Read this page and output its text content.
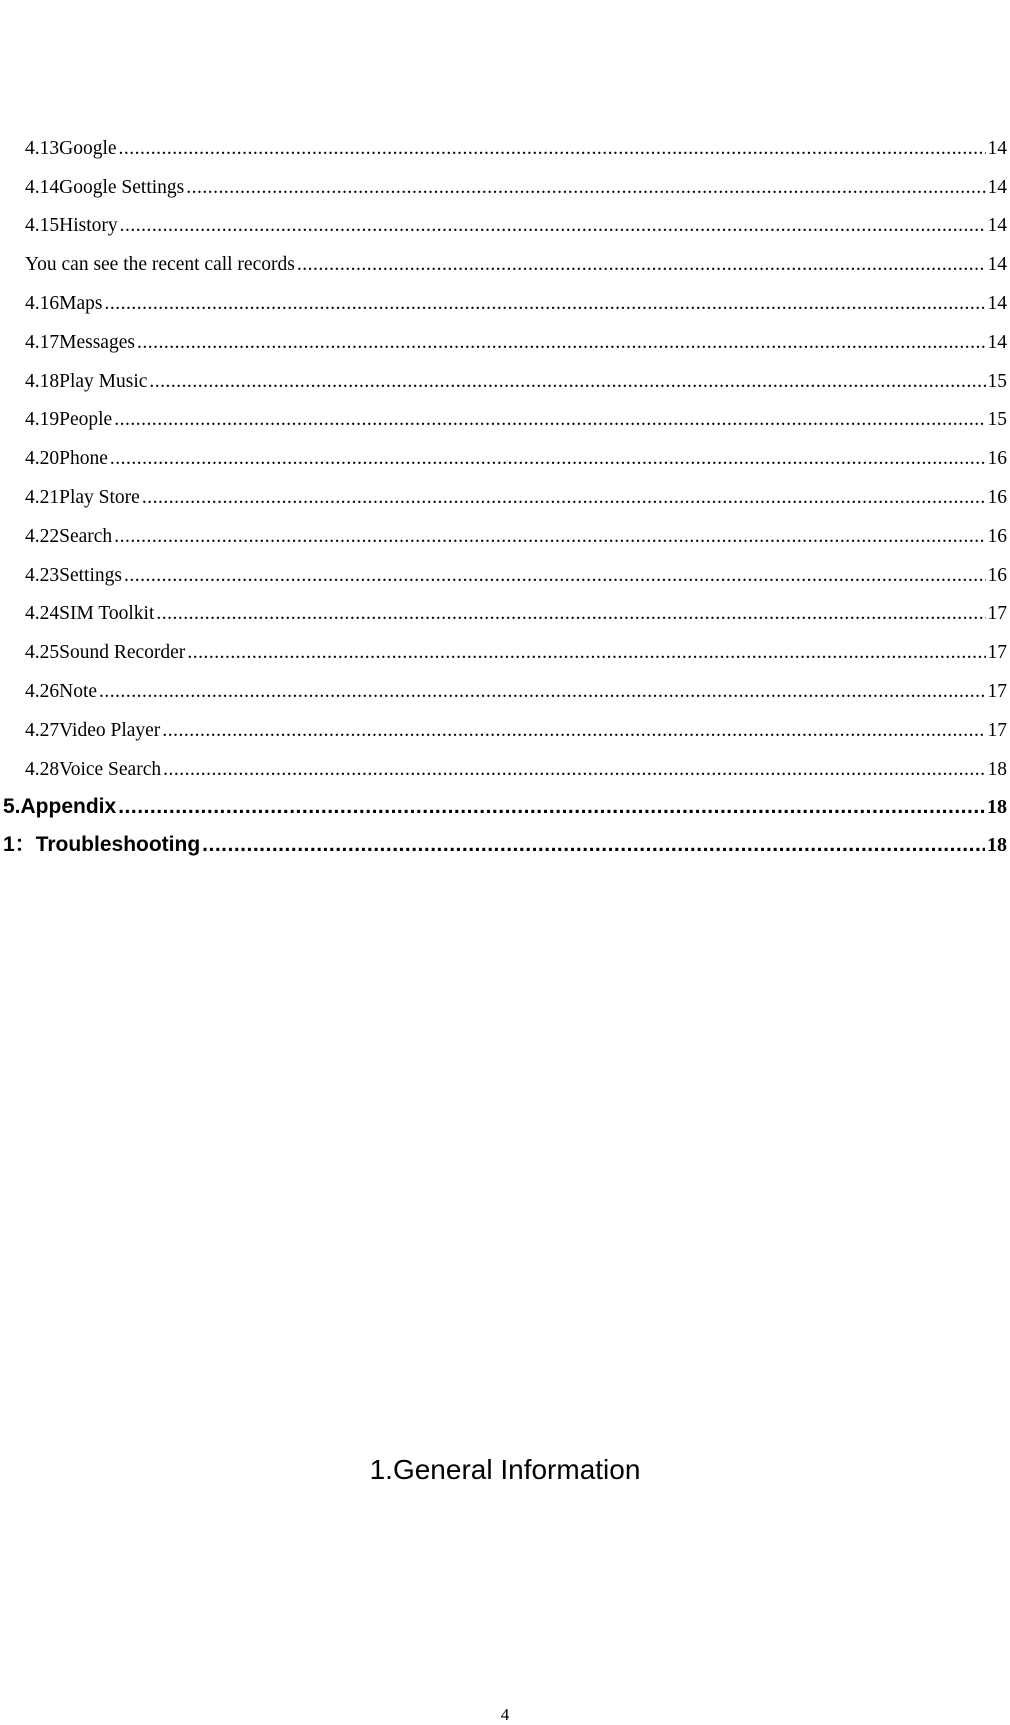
4.13Google .....	14
4.14Google Settings .....	14
4.15History .....	14
You can see the recent call records .....	14
4.16Maps .....	14
4.17Messages .....	14
4.18Play Music .....	15
4.19People .....	15
4.20Phone .....	16
4.21Play Store .....	16
4.22Search .....	16
4.23Settings .....	16
4.24SIM Toolkit .....	17
4.25Sound Recorder .....	17
4.26Note .....	17
4.27Video Player .....	17
4.28Voice Search .....	18
5.Appendix .....	18
1：Troubleshooting .....	18
1.General Information
4
